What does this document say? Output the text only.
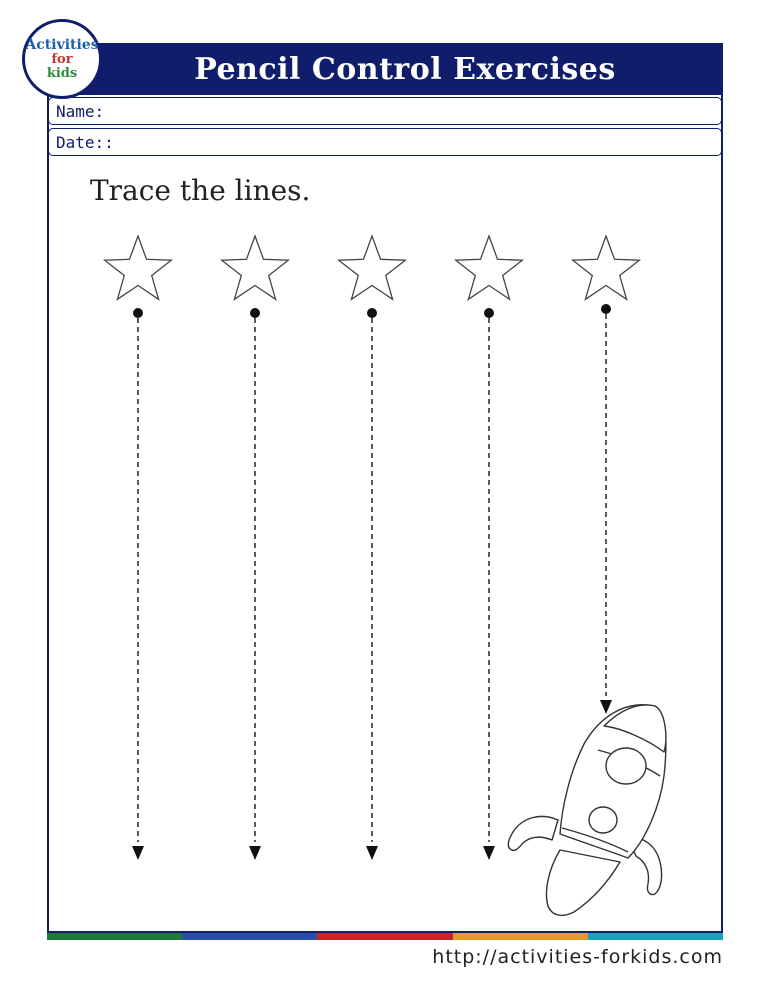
Pencil Control Exercises
Activities
for
kids
Name:
Date::
Trace the lines.
http://activities-forkids.com
